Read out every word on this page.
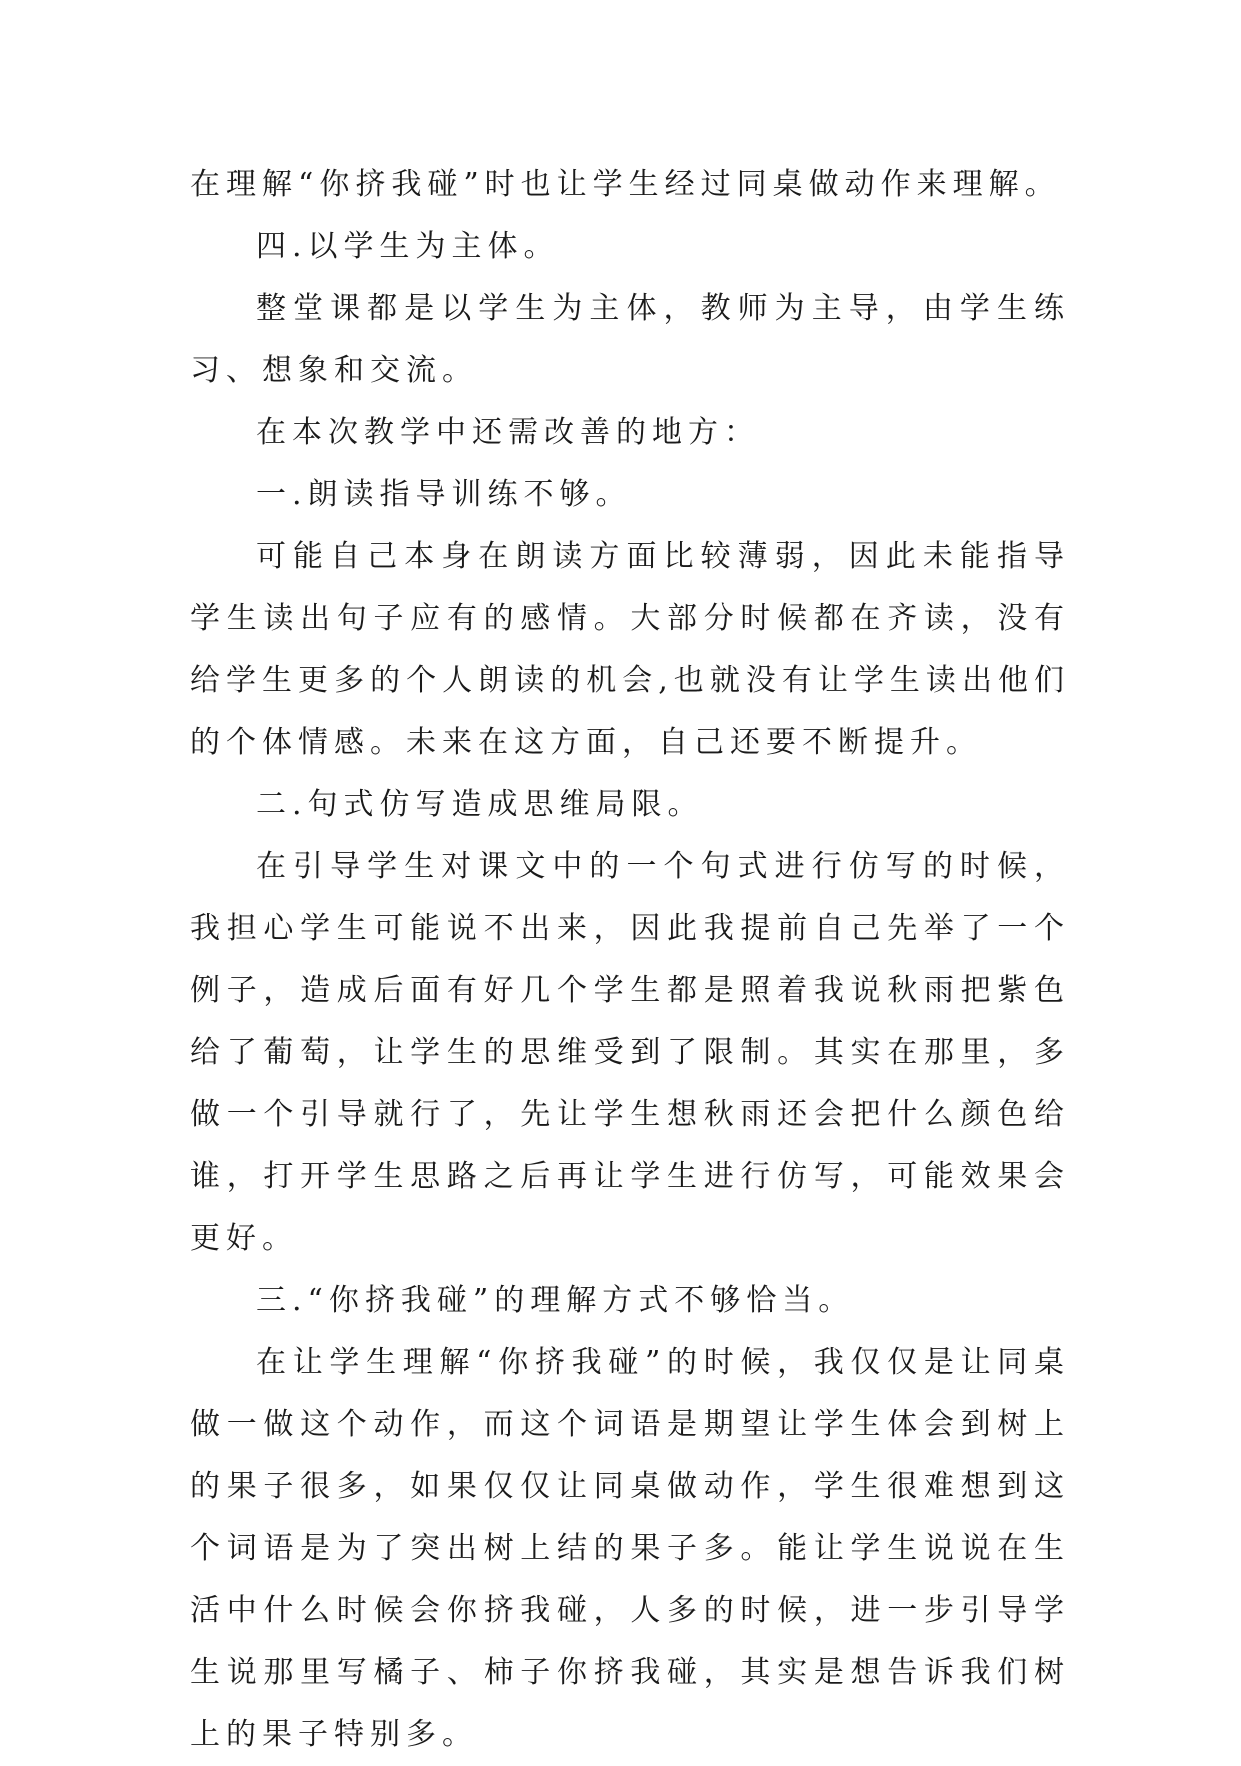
在理解“你挤我碰”时也让学生经过同桌做动作来理解。

四.以学生为主体。

整堂课都是以学生为主体，教师为主导，由学生练习、想象和交流。

在本次教学中还需改善的地方：

一.朗读指导训练不够。

可能自己本身在朗读方面比较薄弱，因此未能指导学生读出句子应有的感情。大部分时候都在齐读，没有给学生更多的个人朗读的机会,也就没有让学生读出他们的个体情感。未来在这方面，自己还要不断提升。

二.句式仿写造成思维局限。

在引导学生对课文中的一个句式进行仿写的时候，我担心学生可能说不出来，因此我提前自己先举了一个例子，造成后面有好几个学生都是照着我说秋雨把紫色给了葡萄，让学生的思维受到了限制。其实在那里，多做一个引导就行了，先让学生想秋雨还会把什么颜色给谁，打开学生思路之后再让学生进行仿写，可能效果会更好。

三.“你挤我碰”的理解方式不够恰当。

在让学生理解“你挤我碰”的时候，我仅仅是让同桌做一做这个动作，而这个词语是期望让学生体会到树上的果子很多，如果仅仅让同桌做动作，学生很难想到这个词语是为了突出树上结的果子多。能让学生说说在生活中什么时候会你挤我碰，人多的时候，进一步引导学生说那里写橘子、柿子你挤我碰，其实是想告诉我们树上的果子特别多。
